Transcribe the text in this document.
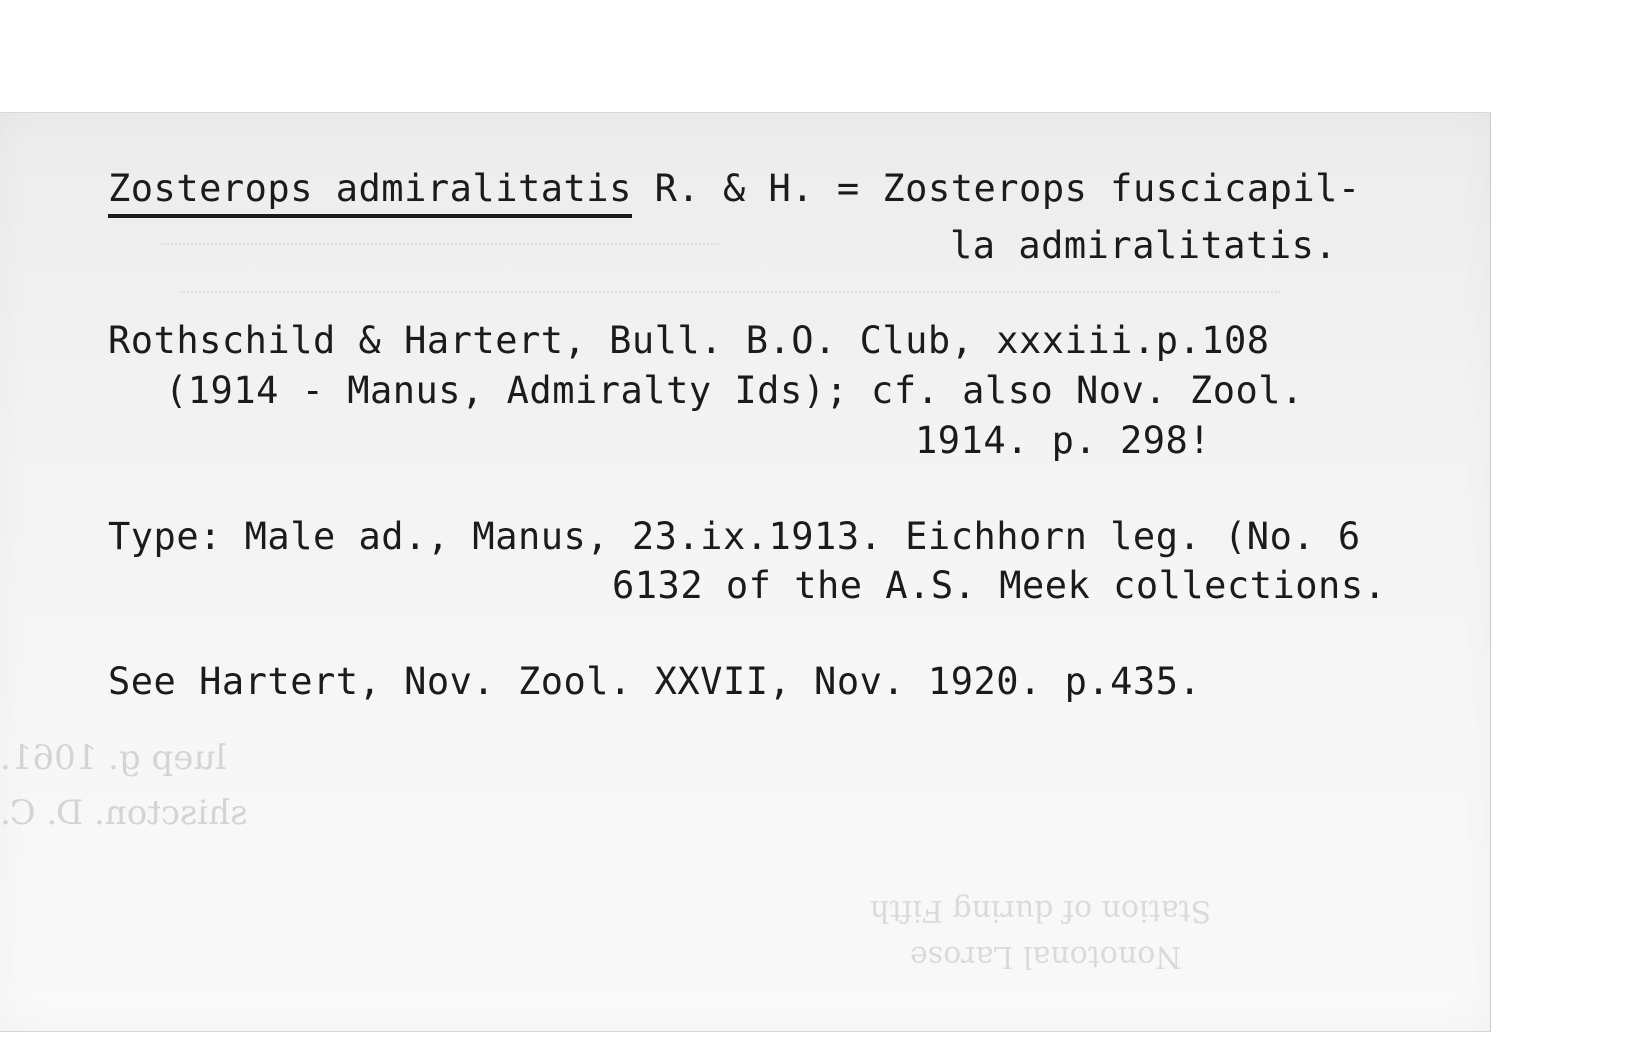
luep g. 1061.
shiscton. D. C.
Station of during Fifth
Nonotonal Larose

Zosterops admiralitatis R. & H. = Zosterops fuscicapil-

la admiralitatis.

Rothschild & Hartert, Bull. B.O. Club, xxxiii.p.108

(1914 - Manus, Admiralty Ids); cf. also Nov. Zool.

1914. p. 298!

Type: Male ad., Manus, 23.ix.1913. Eichhorn leg. (No. 6

6132 of the A.S. Meek collections.

See Hartert, Nov. Zool. XXVII, Nov. 1920. p.435.
